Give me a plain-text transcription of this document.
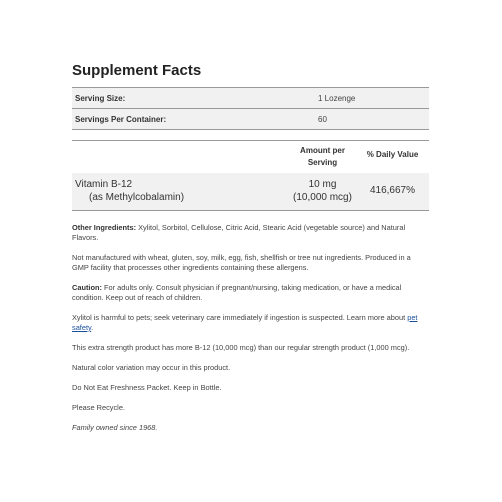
Supplement Facts
Serving Size:	1 Lozenge
Servings Per Container:	60
Amount per
Serving
% Daily Value
Vitamin B-12
(as Methylcobalamin)
10 mg
(10,000 mcg)
416,667%

Other Ingredients: Xylitol, Sorbitol, Cellulose, Citric Acid, Stearic Acid (vegetable source) and Natural Flavors.

Not manufactured with wheat, gluten, soy, milk, egg, fish, shellfish or tree nut ingredients. Produced in a GMP facility that processes other ingredients containing these allergens.

Caution: For adults only. Consult physician if pregnant/nursing, taking medication, or have a medical condition. Keep out of reach of children.

Xylitol is harmful to pets; seek veterinary care immediately if ingestion is suspected. Learn more about pet safety.

This extra strength product has more B-12 (10,000 mcg) than our regular strength product (1,000 mcg).

Natural color variation may occur in this product.

Do Not Eat Freshness Packet. Keep in Bottle.

Please Recycle.

Family owned since 1968.
